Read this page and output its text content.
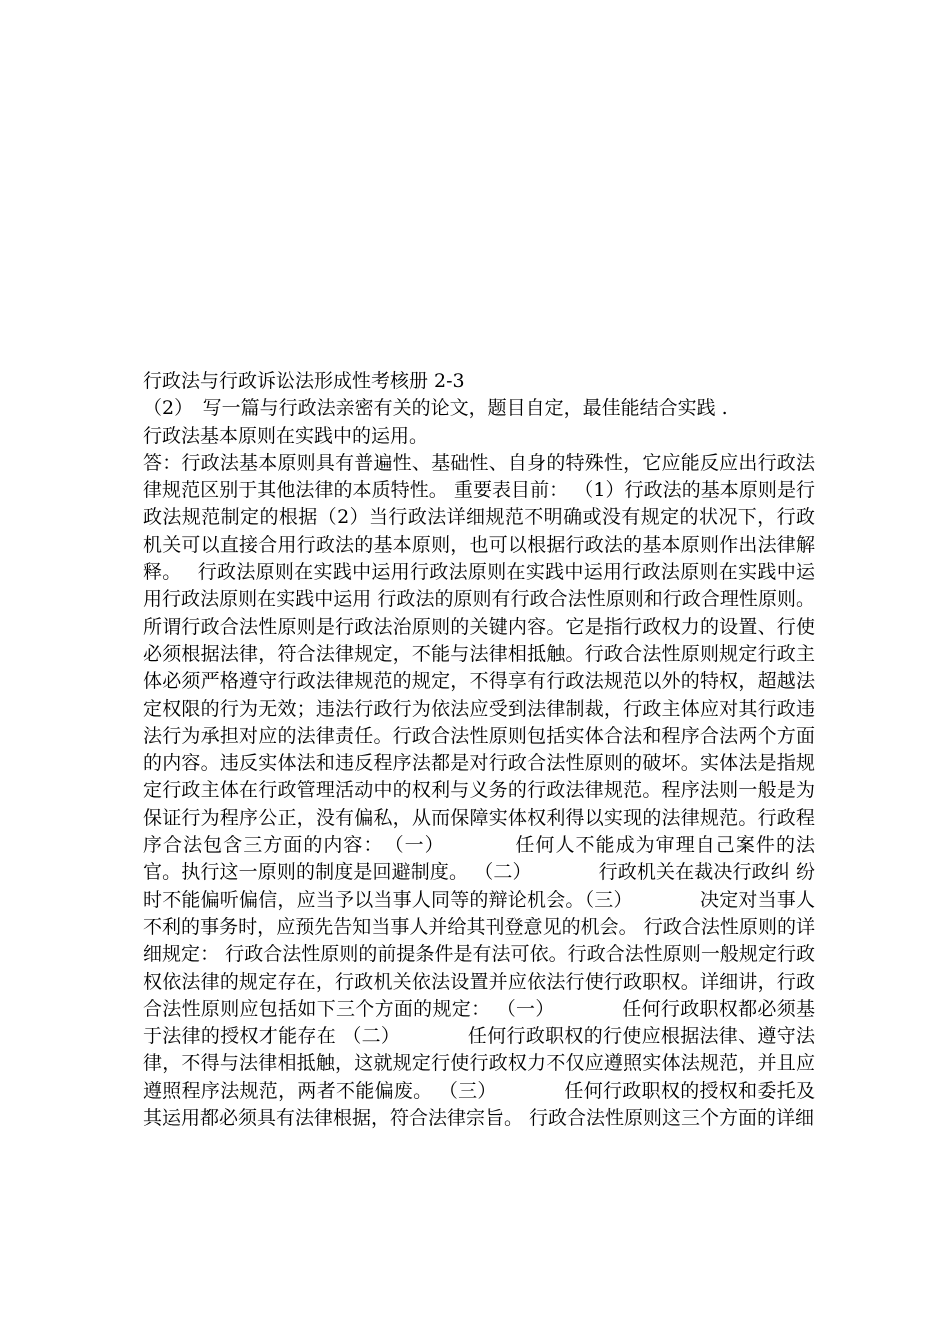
行政法与行政诉讼法形成性考核册 2-3

（2）　写一篇与行政法亲密有关的论文，题目自定，最佳能结合实践 .

行政法基本原则在实践中的运用。

答：行政法基本原则具有普遍性、基础性、自身的特殊性，它应能反应出行政法律规范区别于其他法律的本质特性。 重要表目前： （1）行政法的基本原则是行政法规范制定的根据（2）当行政法详细规范不明确或没有规定的状况下，行政机关可以直接合用行政法的基本原则，也可以根据行政法的基本原则作出法律解释。　 行政法原则在实践中运用行政法原则在实践中运用行政法原则在实践中运用行政法原则在实践中运用 行政法的原则有行政合法性原则和行政合理性原则。所谓行政合法性原则是行政法治原则的关键内容。它是指行政权力的设置、行使必须根据法律，符合法律规定，不能与法律相抵触。行政合法性原则规定行政主体必须严格遵守行政法律规范的规定，不得享有行政法规范以外的特权，超越法定权限的行为无效；违法行政行为依法应受到法律制裁，行政主体应对其行政违法行为承担对应的法律责任。行政合法性原则包括实体合法和程序合法两个方面的内容。违反实体法和违反程序法都是对行政合法性原则的破坏。实体法是指规定行政主体在行政管理活动中的权利与义务的行政法律规范。程序法则一般是为保证行为程序公正，没有偏私，从而保障实体权利得以实现的法律规范。行政程序合法包含三方面的内容：　（一）　　　　任何人不能成为审理自己案件的法官。执行这一原则的制度是回避制度。 （二）　　　　行政机关在裁决行政纠 纷时不能偏听偏信，应当予以当事人同等的辩论机会。（三）　　　　决定对当事人不利的事务时，应预先告知当事人并给其刊登意见的机会。 行政合法性原则的详细规定： 行政合法性原则的前提条件是有法可依。行政合法性原则一般规定行政权依法律的规定存在，行政机关依法设置并应依法行使行政职权。详细讲，行政合法性原则应包括如下三个方面的规定： （一）　　　　任何行政职权都必须基于法律的授权才能存在 （二）　　　　任何行政职权的行使应根据法律、遵守法律，不得与法律相抵触，这就规定行使行政权力不仅应遵照实体法规范，并且应遵照程序法规范，两者不能偏废。 （三）　　　　任何行政职权的授权和委托及其运用都必须具有法律根据，符合法律宗旨。 行政合法性原则这三个方面的详细
